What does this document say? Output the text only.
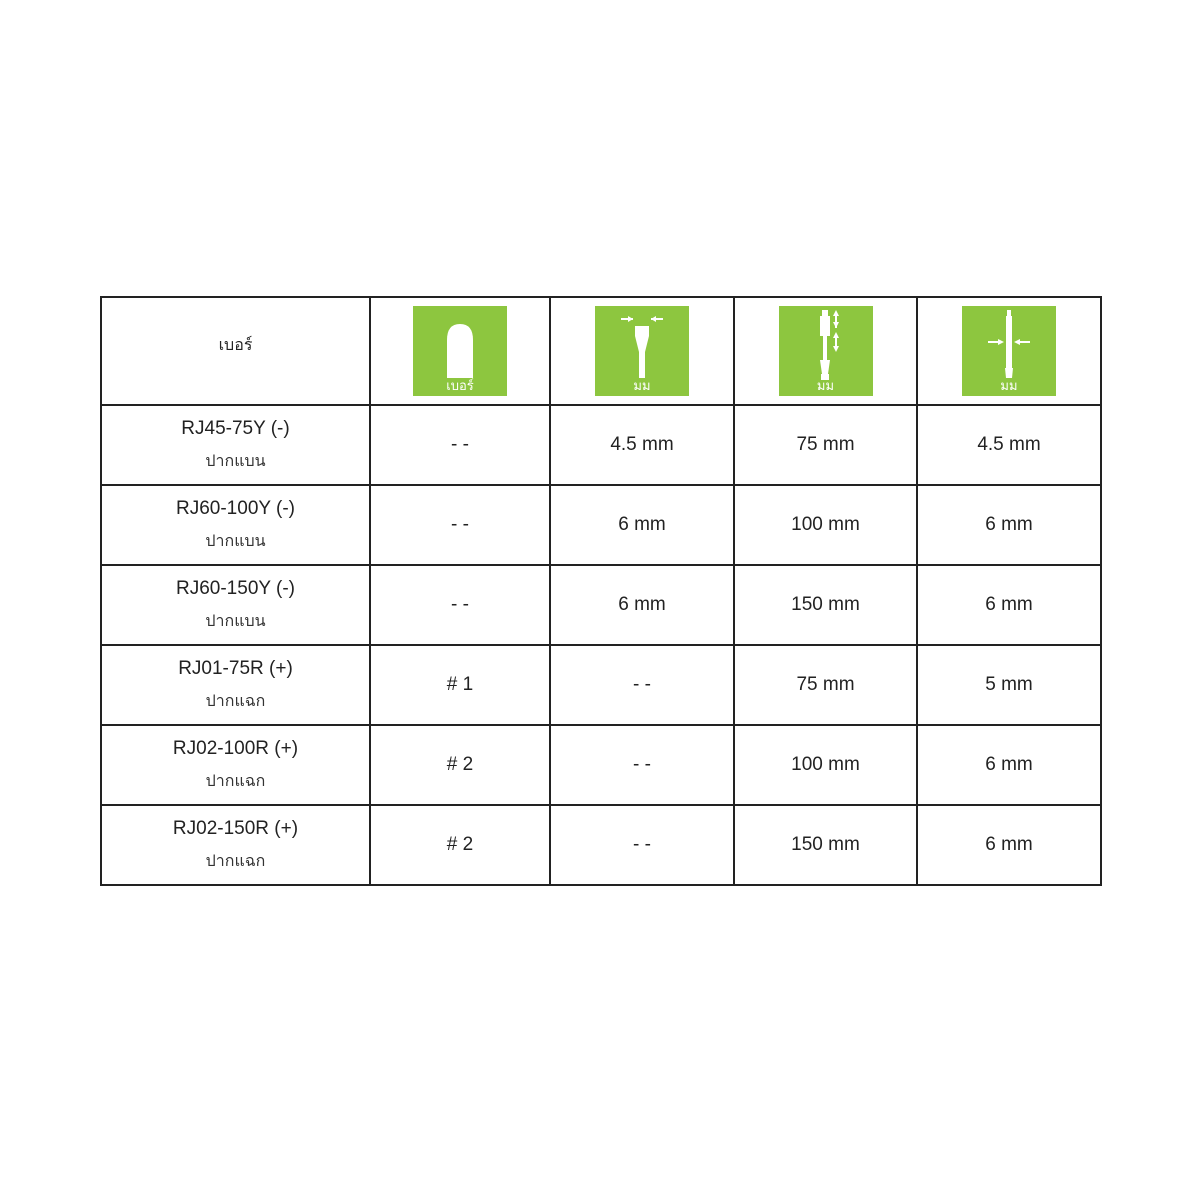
เบอร์	เบอร์	มม	มม	มม

RJ45-75Y (-)
ปากแบน	- -	4.5 mm	75 mm	4.5 mm

RJ60-100Y (-)
ปากแบน	- -	6 mm	100 mm	6 mm

RJ60-150Y (-)
ปากแบน	- -	6 mm	150 mm	6 mm

RJ01-75R (+)
ปากแฉก	# 1	- -	75 mm	5 mm

RJ02-100R (+)
ปากแฉก	# 2	- -	100 mm	6 mm

RJ02-150R (+)
ปากแฉก	# 2	- -	150 mm	6 mm
